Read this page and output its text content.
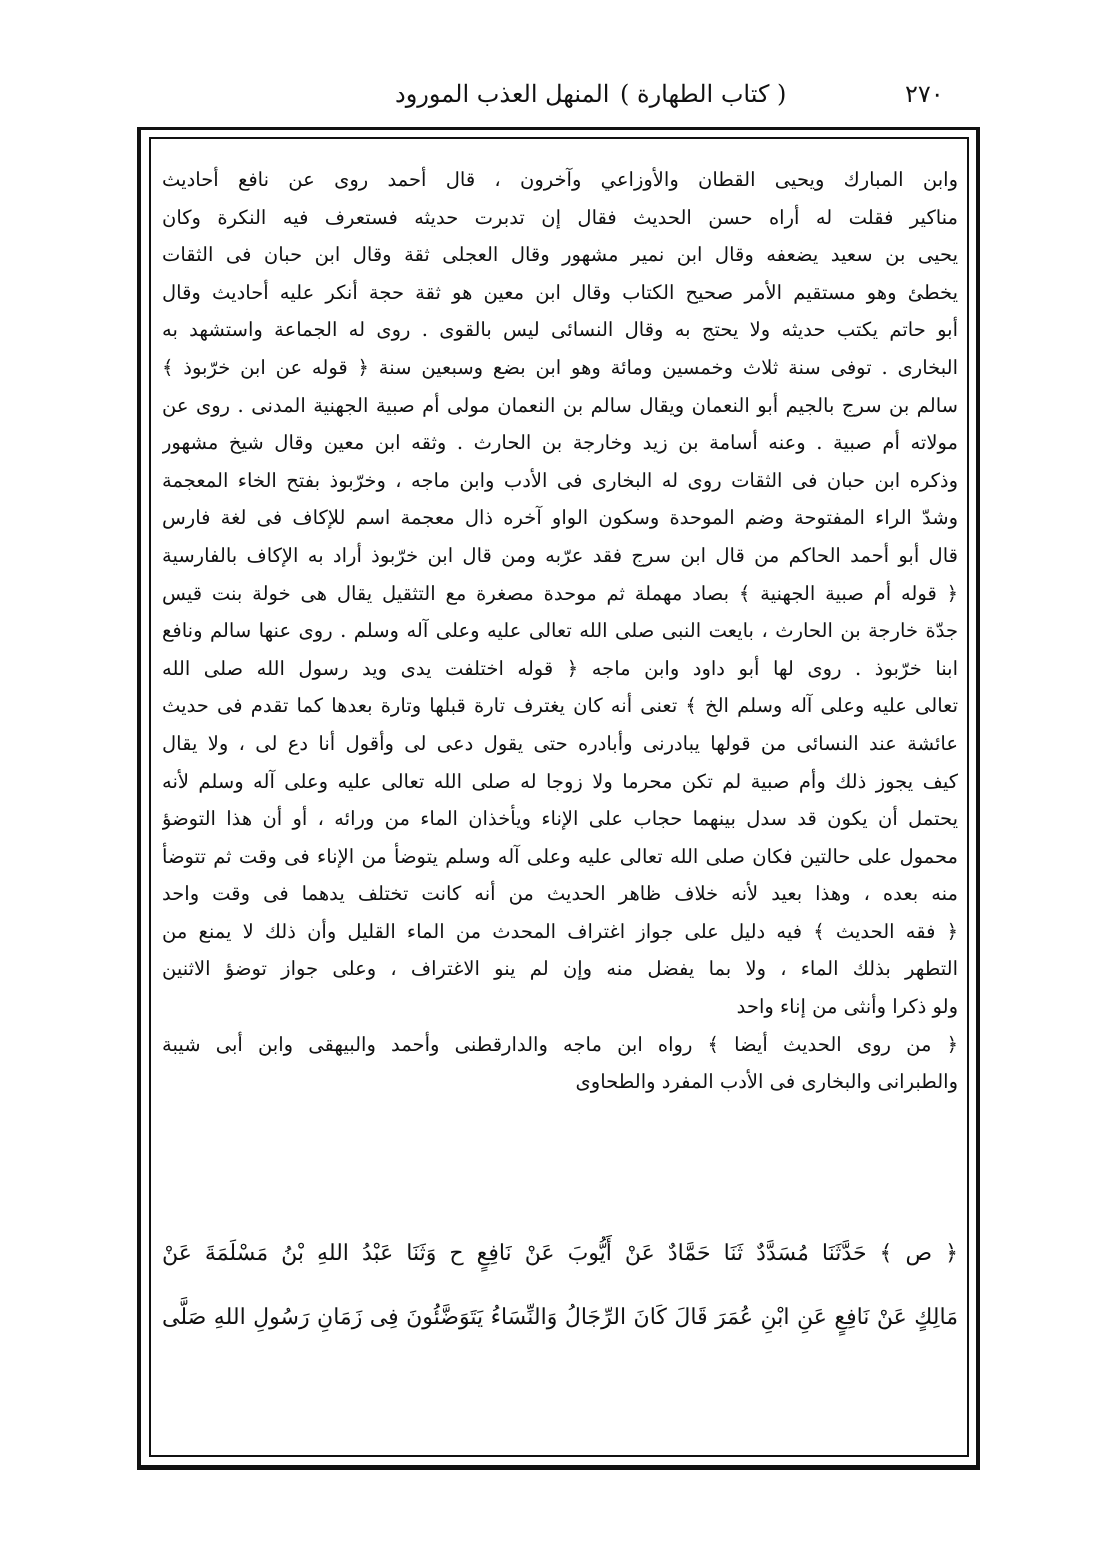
٢٧٠
( كتاب الطهارة )
المنهل العذب المورود
وابن المبارك ويحيى القطان والأوزاعي وآخرون ، قال أحمد روى عن نافع أحاديث
مناكير فقلت له أراه حسن الحديث فقال إن تدبرت حديثه فستعرف فيه النكرة وكان
يحيى بن سعيد يضعفه وقال ابن نمير مشهور وقال العجلى ثقة وقال ابن حبان فى الثقات
يخطئ وهو مستقيم الأمر صحيح الكتاب وقال ابن معين هو ثقة حجة أنكر عليه أحاديث وقال
أبو حاتم يكتب حديثه ولا يحتج به وقال النسائى ليس بالقوى . روى له الجماعة واستشهد به
البخارى . توفى سنة ثلاث وخمسين ومائة وهو ابن بضع وسبعين سنة ﴿ قوله عن ابن خرّبوذ ﴾
سالم بن سرج بالجيم أبو النعمان ويقال سالم بن النعمان مولى أم صبية الجهنية المدنى . روى عن
مولاته أم صبية . وعنه أسامة بن زيد وخارجة بن الحارث . وثقه ابن معين وقال شيخ مشهور
وذكره ابن حبان فى الثقات روى له البخارى فى الأدب وابن ماجه ، وخرّبوذ بفتح الخاء المعجمة
وشدّ الراء المفتوحة وضم الموحدة وسكون الواو آخره ذال معجمة اسم للإكاف فى لغة فارس
قال أبو أحمد الحاكم من قال ابن سرج فقد عرّبه ومن قال ابن خرّبوذ أراد به الإكاف بالفارسية
﴿ قوله أم صبية الجهنية ﴾ بصاد مهملة ثم موحدة مصغرة مع التثقيل يقال هى خولة بنت قيس
جدّة خارجة بن الحارث ، بايعت النبى صلى الله تعالى عليه وعلى آله وسلم . روى عنها سالم ونافع
ابنا خرّبوذ . روى لها أبو داود وابن ماجه ﴿ قوله اختلفت يدى ويد رسول الله صلى الله
تعالى عليه وعلى آله وسلم الخ ﴾ تعنى أنه كان يغترف تارة قبلها وتارة بعدها كما تقدم فى حديث
عائشة عند النسائى من قولها يبادرنى وأبادره حتى يقول دعى لى وأقول أنا دع لى ، ولا يقال
كيف يجوز ذلك وأم صبية لم تكن محرما ولا زوجا له صلى الله تعالى عليه وعلى آله وسلم لأنه
يحتمل أن يكون قد سدل بينهما حجاب على الإناء ويأخذان الماء من ورائه ، أو أن هذا التوضؤ
محمول على حالتين فكان صلى الله تعالى عليه وعلى آله وسلم يتوضأ من الإناء فى وقت ثم تتوضأ
منه بعده ، وهذا بعيد لأنه خلاف ظاهر الحديث من أنه كانت تختلف يدهما فى وقت واحد
﴿ فقه الحديث ﴾ فيه دليل على جواز اغتراف المحدث من الماء القليل وأن ذلك لا يمنع من
التطهر بذلك الماء ، ولا بما يفضل منه وإن لم ينو الاغتراف ، وعلى جواز توضؤ الاثنين
ولو ذكرا وأنثى من إناء واحد
﴿ من روى الحديث أيضا ﴾ رواه ابن ماجه والدارقطنى وأحمد والبيهقى وابن أبى شيبة
والطبرانى والبخارى فى الأدب المفرد والطحاوى
﴿ ص ﴾ حَدَّثَنَا مُسَدَّدٌ ثَنَا حَمَّادٌ عَنْ أَيُّوبَ عَنْ نَافِعٍ ح وَثَنَا عَبْدُ اللهِ بْنُ مَسْلَمَةَ عَنْ
مَالِكٍ عَنْ نَافِعٍ عَنِ ابْنِ عُمَرَ قَالَ كَانَ الرِّجَالُ وَالنِّسَاءُ يَتَوَضَّئُونَ فِى زَمَانِ رَسُولِ اللهِ صَلَّى
